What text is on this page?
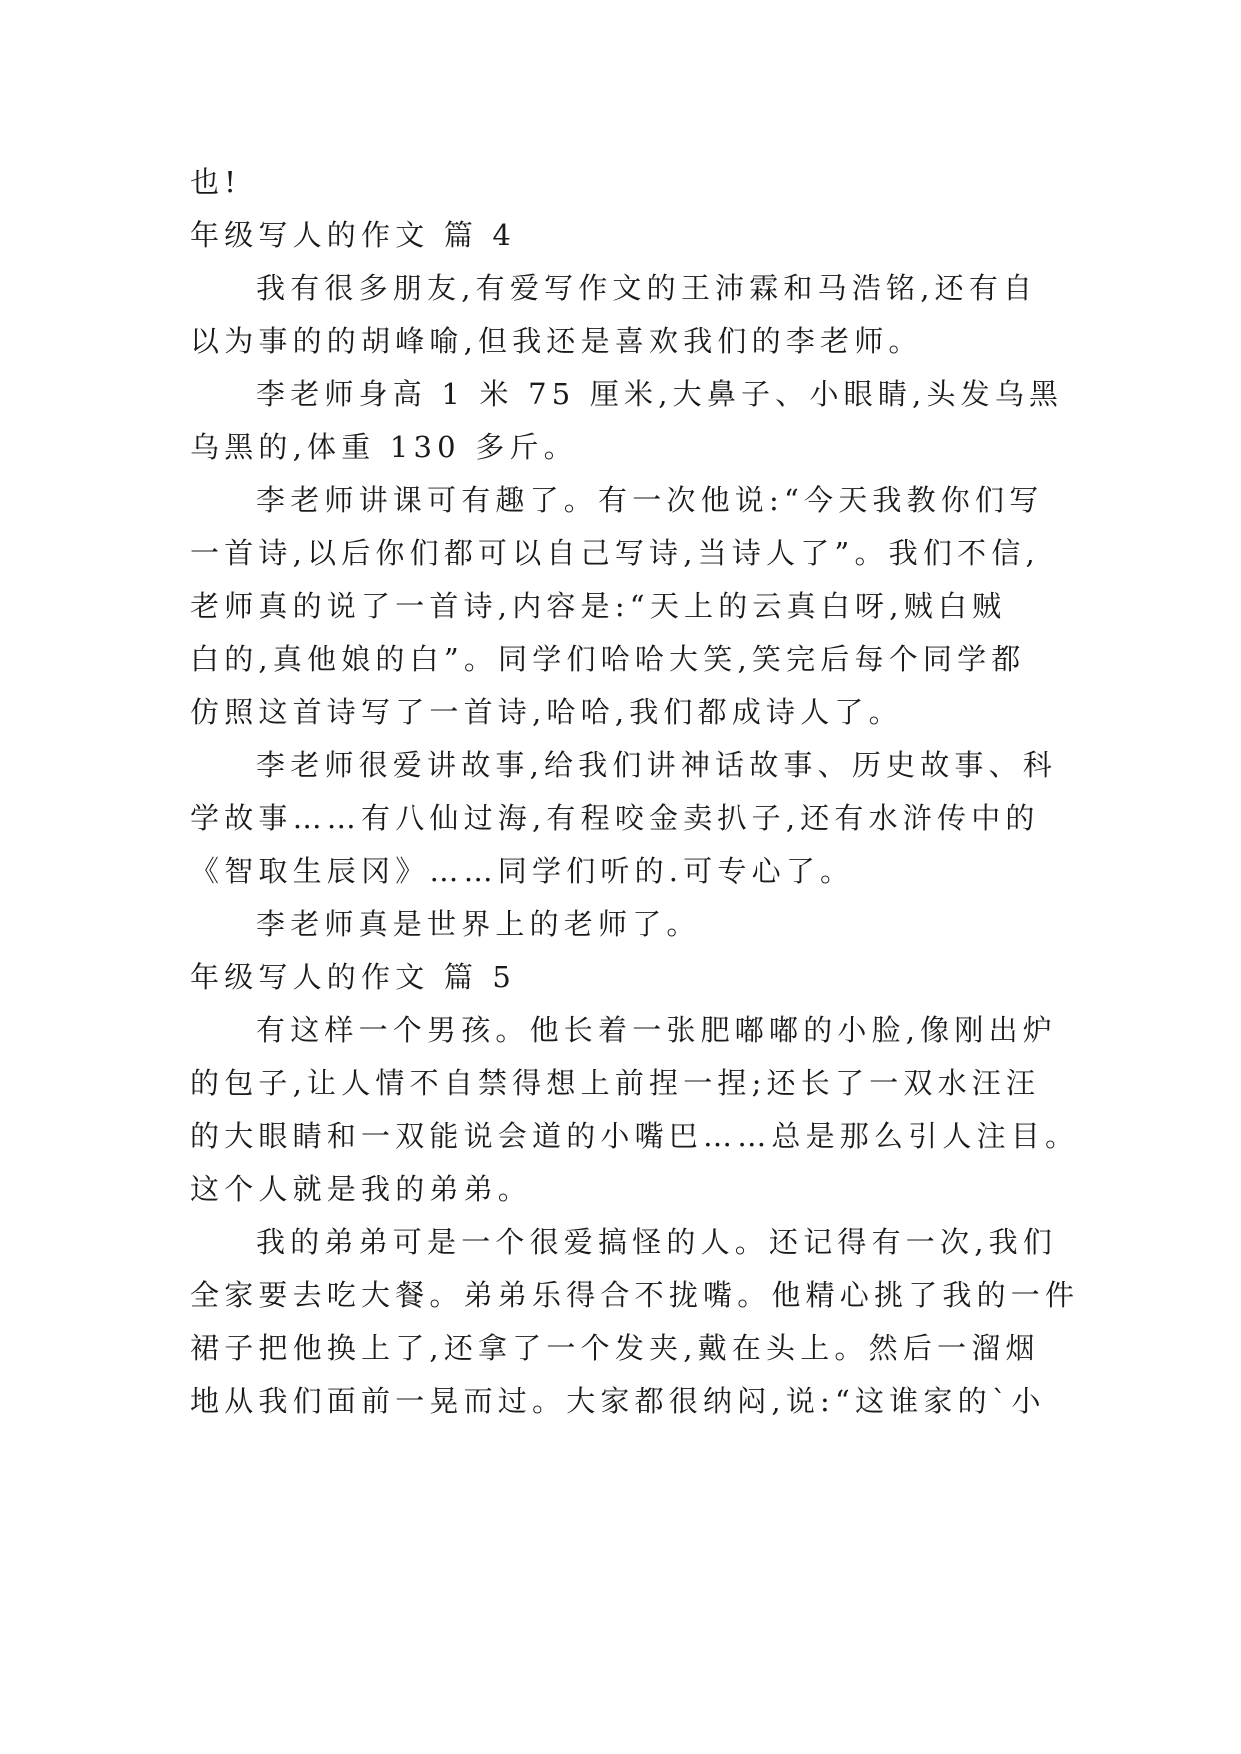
也!
年级写人的作文 篇 4
我有很多朋友,有爱写作文的王沛霖和马浩铭,还有自
以为事的的胡峰喻,但我还是喜欢我们的李老师。
李老师身高 1 米 75 厘米,大鼻子、小眼睛,头发乌黑
乌黑的,体重 130 多斤。
李老师讲课可有趣了。有一次他说:“今天我教你们写
一首诗,以后你们都可以自己写诗,当诗人了”。我们不信,
老师真的说了一首诗,内容是:“天上的云真白呀,贼白贼
白的,真他娘的白”。同学们哈哈大笑,笑完后每个同学都
仿照这首诗写了一首诗,哈哈,我们都成诗人了。
李老师很爱讲故事,给我们讲神话故事、历史故事、科
学故事……有八仙过海,有程咬金卖扒子,还有水浒传中的
《智取生辰冈》……同学们听的.可专心了。
李老师真是世界上的老师了。
年级写人的作文 篇 5
有这样一个男孩。他长着一张肥嘟嘟的小脸,像刚出炉
的包子,让人情不自禁得想上前捏一捏;还长了一双水汪汪
的大眼睛和一双能说会道的小嘴巴……总是那么引人注目。
这个人就是我的弟弟。
我的弟弟可是一个很爱搞怪的人。还记得有一次,我们
全家要去吃大餐。弟弟乐得合不拢嘴。他精心挑了我的一件
裙子把他换上了,还拿了一个发夹,戴在头上。然后一溜烟
地从我们面前一晃而过。大家都很纳闷,说:“这谁家的`小
